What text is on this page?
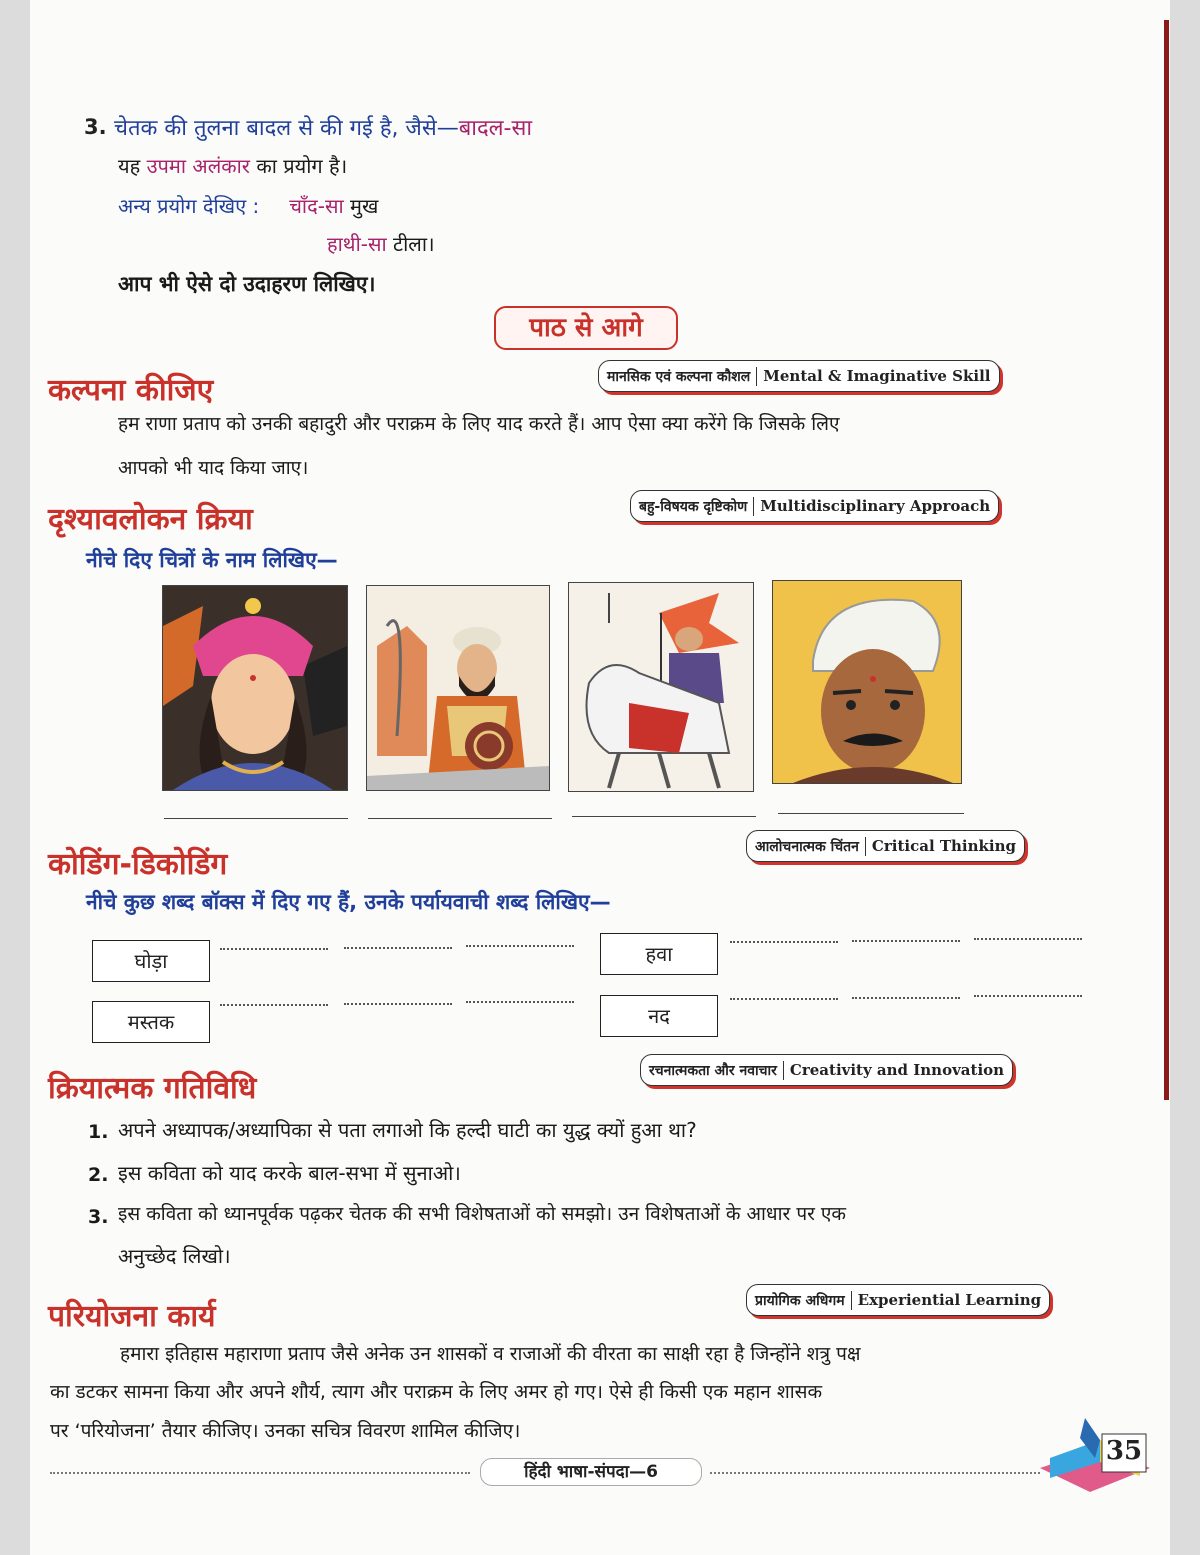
3. चेतक की तुलना बादल से की गई है, जैसे—बादल-सा
यह उपमा अलंकार का प्रयोग है।
अन्य प्रयोग देखिए : चाँद-सा मुख
हाथी-सा टीला।
आप भी ऐसे दो उदाहरण लिखिए।
पाठ से आगे
कल्पना कीजिए	मानसिक एवं कल्पना कौशल Mental & Imaginative Skill
हम राणा प्रताप को उनकी बहादुरी और पराक्रम के लिए याद करते हैं। आप ऐसा क्या करेंगे कि जिसके लिए
आपको भी याद किया जाए।
दृश्यावलोकन क्रिया	बहु-विषयक दृष्टिकोण Multidisciplinary Approach
नीचे दिए चित्रों के नाम लिखिए—
कोडिंग-डिकोडिंग
आलोचनात्मक चिंतन Critical Thinking
नीचे कुछ शब्द बॉक्स में दिए गए हैं, उनके पर्यायवाची शब्द लिखिए—
घोड़ा	हवा
मस्तक	नद
क्रियात्मक गतिविधि
रचनात्मकता और नवाचार Creativity and Innovation
1. अपने अध्यापक/अध्यापिका से पता लगाओ कि हल्दी घाटी का युद्ध क्यों हुआ था?
2. इस कविता को याद करके बाल-सभा में सुनाओ।
3. इस कविता को ध्यानपूर्वक पढ़कर चेतक की सभी विशेषताओं को समझो। उन विशेषताओं के आधार पर एक
अनुच्छेद लिखो।
परियोजना कार्य	प्रायोगिक अधिगम Experiential Learning
हमारा इतिहास महाराणा प्रताप जैसे अनेक उन शासकों व राजाओं की वीरता का साक्षी रहा है जिन्होंने शत्रु पक्ष
का डटकर सामना किया और अपने शौर्य, त्याग और पराक्रम के लिए अमर हो गए। ऐसे ही किसी एक महान शासक
पर ‘परियोजना’ तैयार कीजिए। उनका सचित्र विवरण शामिल कीजिए।
हिंदी भाषा-संपदा—6
35
